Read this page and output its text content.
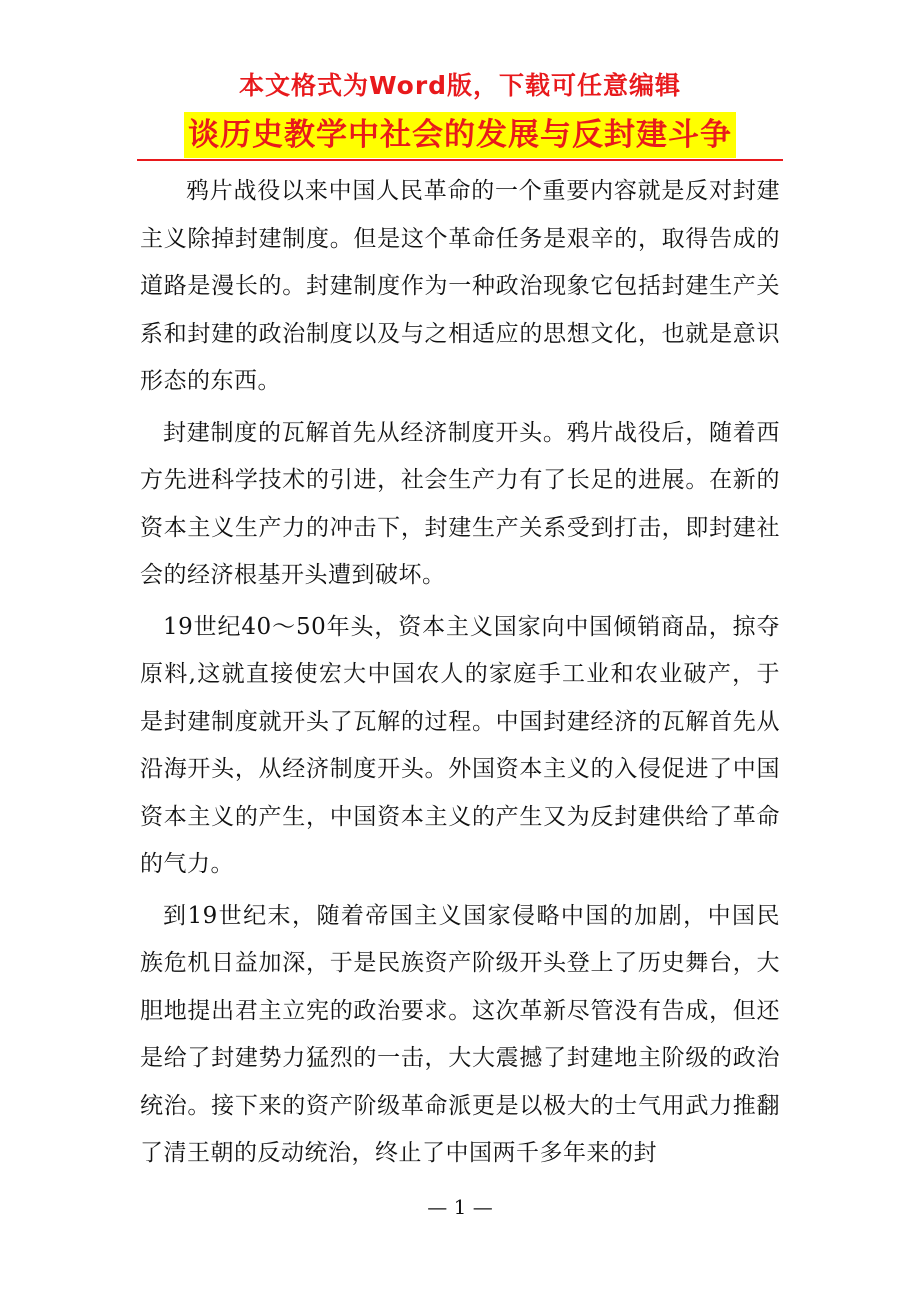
本文格式为Word版，下载可任意编辑
谈历史教学中社会的发展与反封建斗争

鸦片战役以来中国人民革命的一个重要内容就是反对封建主义除掉封建制度。但是这个革命任务是艰辛的，取得告成的道路是漫长的。封建制度作为一种政治现象它包括封建生产关系和封建的政治制度以及与之相适应的思想文化，也就是意识形态的东西。

封建制度的瓦解首先从经济制度开头。鸦片战役后，随着西方先进科学技术的引进，社会生产力有了长足的进展。在新的资本主义生产力的冲击下，封建生产关系受到打击，即封建社会的经济根基开头遭到破坏。

19世纪40～50年头，资本主义国家向中国倾销商品，掠夺原料,这就直接使宏大中国农人的家庭手工业和农业破产，于是封建制度就开头了瓦解的过程。中国封建经济的瓦解首先从沿海开头，从经济制度开头。外国资本主义的入侵促进了中国资本主义的产生，中国资本主义的产生又为反封建供给了革命的气力。

到19世纪末，随着帝国主义国家侵略中国的加剧，中国民族危机日益加深，于是民族资产阶级开头登上了历史舞台，大胆地提出君主立宪的政治要求。这次革新尽管没有告成，但还是给了封建势力猛烈的一击，大大震撼了封建地主阶级的政治统治。接下来的资产阶级革命派更是以极大的士气用武力推翻了清王朝的反动统治，终止了中国两千多年来的封

— 1 —
